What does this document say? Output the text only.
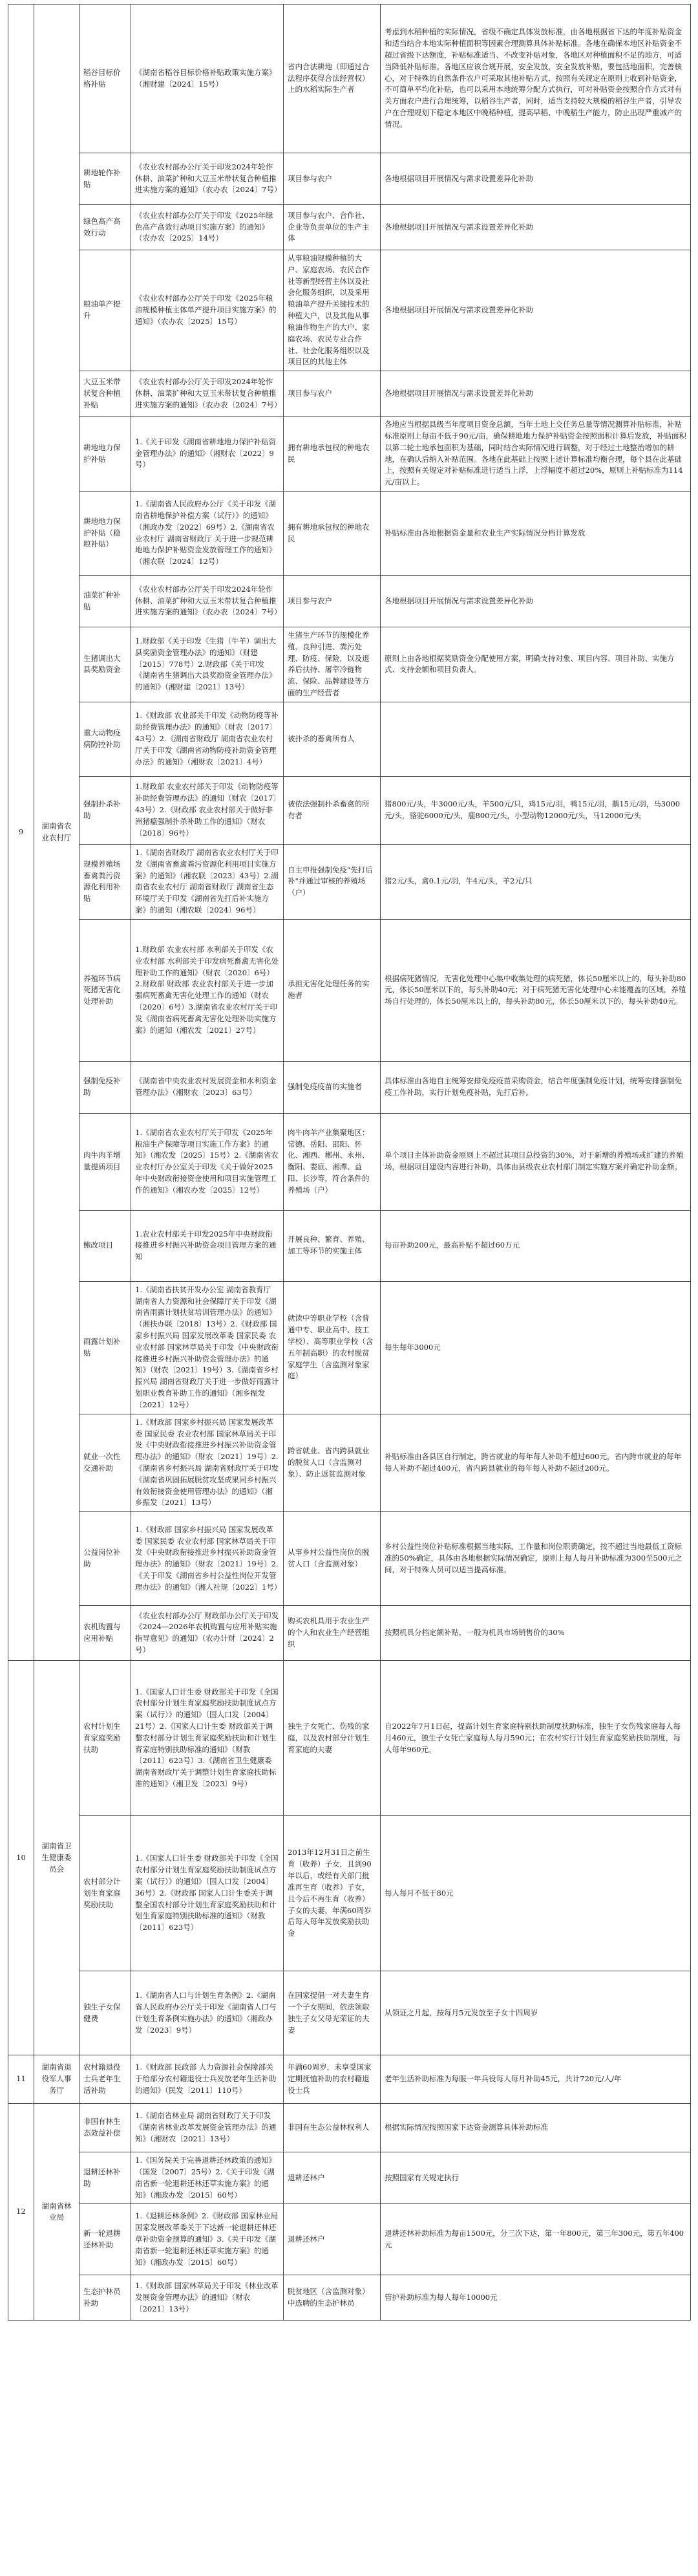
9	湖南省农业农村厅	稻谷目标价格补贴	《湖南省稻谷目标价格补贴政策实施方案》（湘财建〔2024〕15号）	省内合法耕地（即通过合法程序获得合法经营权）上的水稻实际生产者	考虑到水稻种植的实际情况，省级不确定具体发放标准，由各地根据省下达的年度补贴资金和适当结合本地实际种植面积等因素合理测算具体补贴标准。各地在确保本地区补贴资金不超过省级下达额度，补贴标准适当、不改变补贴对象，各地区对种植面积不足的地方，可适当降低补贴标准。各地区应该合规开展，安全发放，安全发放补贴，要包括地面积，完善核心，对于特殊的自然条件农户可采取其他补贴方式，按照有关规定在原则上收到补贴资金，不可简单平均化补贴，也可以采用本地统筹分配方式执行，可对补贴资金按照合作方式对有关方面农户进行合理统筹，以稻谷生产者，同时，适当支持较大规模的稻谷生产者，引导农户在合理规划下稳定本地区中晚稻种植，提高早稻、中晚稻生产能力，防止出现严重减产的情况。
		耕地轮作补贴	《农业农村部办公厅关于印发2024年轮作休耕、油菜扩种和大豆玉米带状复合种植推进实施方案的通知》（农办农〔2024〕7号）	项目参与农户	各地根据项目开展情况与需求设置差异化补助
		绿色高产高效行动	《农业农村部办公厅关于印发《2025年绿色高产高效行动项目实施方案》的通知》（农办农〔2025〕14号）	项目参与农户、合作社、企业等负责单位的生产主体	各地根据项目开展情况与需求设置差异化补助
		粮油单产提升	《农业农村部办公厅关于印发《2025年粮油规模种植主体单产提升项目实施方案》的通知》（农办农〔2025〕15号）	从事粮油规模种植的大户、家庭农场、农民合作社等新型经营主体以及社会化服务组织，以及采用粮油单产提升关键技术的种植大户，以及其他从事粮油作物生产的大户、家庭农场、农民专业合作社、社会化服务组织以及项目区的其他主体	各地根据项目开展情况与需求设置差异化补助
		大豆玉米带状复合种植补贴	《农业农村部办公厅关于印发2024年轮作休耕、油菜扩种和大豆玉米带状复合种植推进实施方案的通知》（农办农〔2024〕7号）	项目参与农户	各地根据项目开展情况与需求设置差异化补助
		耕地地力保护补贴	1.《关于印发《湖南省耕地地力保护补贴资金管理办法》的通知》（湘财农〔2022〕9号）	拥有耕地承包权的种地农民	各地应当根据县级当年度项目资金总额，当年土地上交任务总量等情况测算补贴标准，补贴标准原则上每亩不低于90元/亩，确保耕地地力保护补贴资金按照面积计算后发放，补贴面积以第二轮土地承包面积为基础，同时结合实际情况进行调整，对于经过土地整治增加的耕地，在确认后纳入补贴范围。各地在此基础上按照上述计算标准均衡合理，每个县在此基础上，按照有关规定对补贴标准进行适当上浮，上浮幅度不超过20%，原则上补贴标准为114元/亩以上。
		耕地地力保护补贴（稳粮补贴）	1.《湖南省人民政府办公厅《关于印发《湖南省耕地保护补偿方案（试行）》的通知》（湘政办发〔2022〕69号）2.《湖南省农业农村厅 湖南省财政厅 关于进一步规范耕地地力保护补贴资金发放管理工作的通知》（湘农联〔2024〕12号）	拥有耕地承包权的种地农民	补贴标准由各地根据资金量和农业生产实际情况分档计算发放
		油菜扩种补贴	《农业农村部办公厅关于印发2024年轮作休耕、油菜扩种和大豆玉米带状复合种植推进实施方案的通知》（农办农〔2024〕7号）	项目参与农户	各地根据项目开展情况与需求设置差异化补助
		生猪调出大县奖励资金	1.财政部《关于印发《生猪（牛羊）调出大县奖励资金管理办法》的通知》（财建〔2015〕778号）2.财政部《关于印发《湖南省生猪调出大县奖励资金管理办法》的通知》（湘财建〔2021〕13号）	生猪生产环节的规模化养殖、良种引进、粪污处理、防疫、保险，以及退养后扶持、屠宰冷链物流、保险、品牌建设等方面的生产经营者	原则上由各地根据奖励资金分配使用方案，明确支持对象、项目内容、项目补助、实施方式、支持金额和项目负责人。
		重大动物疫病防控补助	1.《财政部 农业部关于印发《动物防疫等补助经费管理办法》的通知》（财农〔2017〕43号）2.《湖南省财政厅 湖南省农业农村厅关于印发《湖南省动物防疫补助资金管理办法》的通知》（湘财农〔2021〕4号）	被扑杀的畜禽所有人	
		强制扑杀补助	1.财政部 农业农村部关于印发《动物防疫等补助经费管理办法》的通知（财农〔2017〕43号）2.《财政部 农业农村部关于做好非洲猪瘟强制扑杀补助工作的通知》（财农〔2018〕96号）	被依法强制扑杀畜禽的所有者	猪800元/头，牛3000元/头，羊500元/只，鸡15元/羽，鸭15元/羽，鹅15元/羽，马3000元/头，骆驼6000元/头，鹿800元/头，小型动物12000元/头，马12000元/头
		规模养殖场畜禽粪污资源化利用补贴	1.《湖南省财政厅 湖南省农业农村厅关于印发《湖南省畜禽粪污资源化利用项目实施方案》的通知》（湘农联〔2023〕43号）2.湖南省农业农村厅 湖南省财政厅 湖南省生态环境厅关于印发《湖南省先打后补实施方案》的通知（湘农联〔2024〕96号）	自主申报强制免疫"先打后补"并通过审核的养殖场（户）	猪2元/头，禽0.1元/羽，牛4元/头，羊2元/只
		养殖环节病死猪无害化处理补助	1.财政部 农业农村部 水利部关于印发《农业农村部 水利部关于印发病死畜禽无害化处理补助工作的通知》（财农〔2020〕6号）2.财政部 财政部 农业农村部关于进一步加强病死畜禽无害化处理工作的通知（财农〔2020〕6号）3.湖南省农业农村厅关于印发《湖南省病死畜禽无害化处理补助实施方案》的通知（湘农发〔2021〕27号）	承担无害化处理任务的实施者	根据病死猪情况，无害化处理中心集中收集处理的病死猪，体长50厘米以上的，每头补助80元，体长50厘米以下的，每头补助40元；对于病死猪无害化处理中心未能覆盖的区域，养殖场自行处理的，体长50厘米以上的，每头补助80元，体长50厘米以下的，每头补助40元。
		强制免疫补助	《湖南省中央农业农村发展资金和水利资金管理办法》（湘财农〔2023〕63号）	强制免疫疫苗的实施者	具体标准由各地自主统筹安排免疫疫苗采购资金，结合年度强制免疫计划，统筹安排强制免疫工作补助，实行计划免疫补贴，先打后补。
		肉牛肉羊增量提质项目	1.《湖南省农业农村厅关于印发《2025年粮油生产保障等项目实施工作方案》的通知》（湘农发〔2025〕15号）2.《湖南省农业农村厅办公室关于印发《关于做好2025年中央财政衔接资金使用和项目实施管理工作的通知》（湘农办发〔2025〕12号）	肉牛肉羊产业集聚地区：常德、岳阳、邵阳、怀化、湘西、郴州、永州、衡阳、娄底、湘潭、益阳、长沙等，符合条件的养殖场（户）	单个项目主体补助资金原则上不超过其项目总投资的30%，对于新增的养殖场或扩建的养殖场，根据项目建设内容进行补助，具体由县级农业农村部门制定实施方案并确定补助金额。
		鲍改项目	1.农业农村部关于印发2025年中央财政衔接推进乡村振兴补助资金项目管理方案的通知	开展良种、繁育、养殖、加工等环节的实施主体	每亩补助200元，最高补贴不超过60万元
		雨露计划补贴	1.《湖南省扶贫开发办公室 湖南省教育厅 湖南省人力资源和社会保障厅关于印发《湖南省雨露计划扶贫培训管理办法》的通知》（湘扶办联〔2018〕13号）2.《财政部 国家乡村振兴局 国家发展改革委 国家民委 农业农村部 国家林草局关于印发《中央财政衔接推进乡村振兴补助资金管理办法》的通知》（财农〔2021〕19号）3.《湖南省乡村振兴局 湖南省财政厅关于进一步做好雨露计划职业教育补助工作的通知》（湘乡振发〔2021〕12号）	就读中等职业学校（含普通中专、职业高中、技工学校）、高等职业学校（含五年制高职）的农村脱贫家庭学生（含监测对象家庭）	每生每年3000元
		就业一次性交通补助	1.《财政部 国家乡村振兴局 国家发展改革委 国家民委 农业农村部 国家林草局关于印发《中央财政衔接推进乡村振兴补助资金管理办法》的通知》（财农〔2021〕19号）2.《湖南省乡村振兴局 湖南省财政厅关于印发《湖南省巩固拓展脱贫攻坚成果同乡村振兴有效衔接资金使用管理办法》的通知》（湘乡振发〔2021〕13号）	跨省就业、省内跨县就业的脱贫人口（含监测对象）、防止返贫监测对象	补贴标准由各县区自行制定，跨省就业的每年每人补助不超过600元，省内跨市就业的每年每人补助不超过400元，省内跨县就业的每年每人补助不超过200元。
		公益岗位补助	1.《财政部 国家乡村振兴局 国家发展改革委 国家民委 农业农村部 国家林草局关于印发《中央财政衔接推进乡村振兴补助资金管理办法》的通知》（财农〔2021〕19号）2.《关于印发《湖南省乡村公益性岗位开发管理办法》的通知》（湘人社规〔2022〕1号）	从事乡村公益性岗位的脱贫人口（含监测对象）	乡村公益性岗位补贴标准根据当地实际，工作量和岗位职责确定，按不超过当地最低工资标准的50%确定，具体由各地根据实际情况确定，原则上每人每月补助标准为300至500元之间，对于特殊人员可以适当提高标准。
		农机购置与应用补贴	《农业农村部办公厅 财政部办公厅关于印发《2024—2026年农机购置与应用补贴实施指导意见》的通知》（农办计财〔2024〕2号）	购买农机具用于农业生产的个人和农业生产经营组织	按照机具分档定额补贴，一般为机具市场销售价的30%
10	湖南省卫生健康委员会	农村计划生育家庭奖励扶助	1.《国家人口计生委 财政部关于印发《全国农村部分计划生育家庭奖励扶助制度试点方案（试行）》的通知》（国人口发〔2004〕21号）2.《国家人口计生委 财政部关于调整农村部分计划生育家庭奖励扶助和计划生育家庭特别扶助标准的通知》（财教〔2011〕623号）3.《湖南省卫生健康委 湖南省财政厅关于调整计划生育家庭扶助标准的通知》（湘卫发〔2023〕9号）	独生子女死亡、伤残的家庭，以及农村部分计划生育家庭的夫妻	自2022年7月1日起，提高计划生育家庭特别扶助制度扶助标准，独生子女伤残家庭每人每月460元，独生子女死亡家庭每人每月590元；在农村实行计划生育家庭奖励扶助制度，每人每年960元。
		农村部分计划生育家庭奖励扶助	1.《国家人口计生委 财政部关于印发《全国农村部分计划生育家庭奖励扶助制度试点方案（试行）》的通知》（国人口发〔2004〕36号）2.《财政部 国家人口计生委关于调整全国农村部分计划生育家庭奖励扶助和计划生育家庭特别扶助标准的通知》（财教〔2011〕623号）	2013年12月31日之前生育（收养）子女，且到90年以后，或经有关部门批准再生育（收养）子女，且今后不再生育（收养）子女的夫妻，年满60周岁后每人每年发放奖励扶助金	每人每月不低于80元
		独生子女保健费	1.《湖南省人口与计划生育条例》2.《湖南省人民政府办公厅关于印发《湖南省人口与计划生育条例实施办法》的通知》（湘政办发〔2023〕9号）	在国家提倡一对夫妻生育一个子女期间，依法领取独生子女父母光荣证的夫妻	从领证之月起，按每月5元发放至子女十四周岁
11	湖南省退役军人事务厅	农村籍退役士兵老年生活补助	1.《财政部 民政部 人力资源社会保障部关于给部分农村籍退役士兵发放老年生活补助的通知》（民发〔2011〕110号）	年满60周岁，未享受国家定期抚恤补助的农村籍退役士兵	老年生活补助标准为每服一年兵役每人每月补助45元，共计720元/人/年
12	湖南省林业局	非国有林生态效益补偿	1.《湖南省林业局 湖南省财政厅关于印发《湖南省林业改革发展资金管理办法》的通知》（湘财农〔2021〕13号）	非国有生态公益林权利人	根据实际情况按照国家下达资金测算具体补助标准
		退耕还林补助	1.《国务院关于完善退耕还林政策的通知》（国发〔2007〕25号）2.《关于印发《湖南省新一轮退耕还林还草实施方案》的通知》（湘政办发〔2015〕60号）	退耕还林户	按照国家有关规定执行
		新一轮退耕还林补助	1.《退耕还林条例》2.《财政部 国家林业局 国家发展改革委关于下达新一轮退耕还林还草补助资金预算的通知》3.《关于印发《湖南省新一轮退耕还林还草实施方案》的通知》（湘政办发〔2015〕60号）	退耕还林户	退耕还林补助标准为每亩1500元，分三次下达，第一年800元，第三年300元，第五年400元
		生态护林员补助	1.《财政部 国家林草局关于印发《林业改革发展资金管理办法》的通知》（财农〔2021〕13号）	脱贫地区（含监测对象）中选聘的生态护林员	管护补助标准为每人每年10000元
